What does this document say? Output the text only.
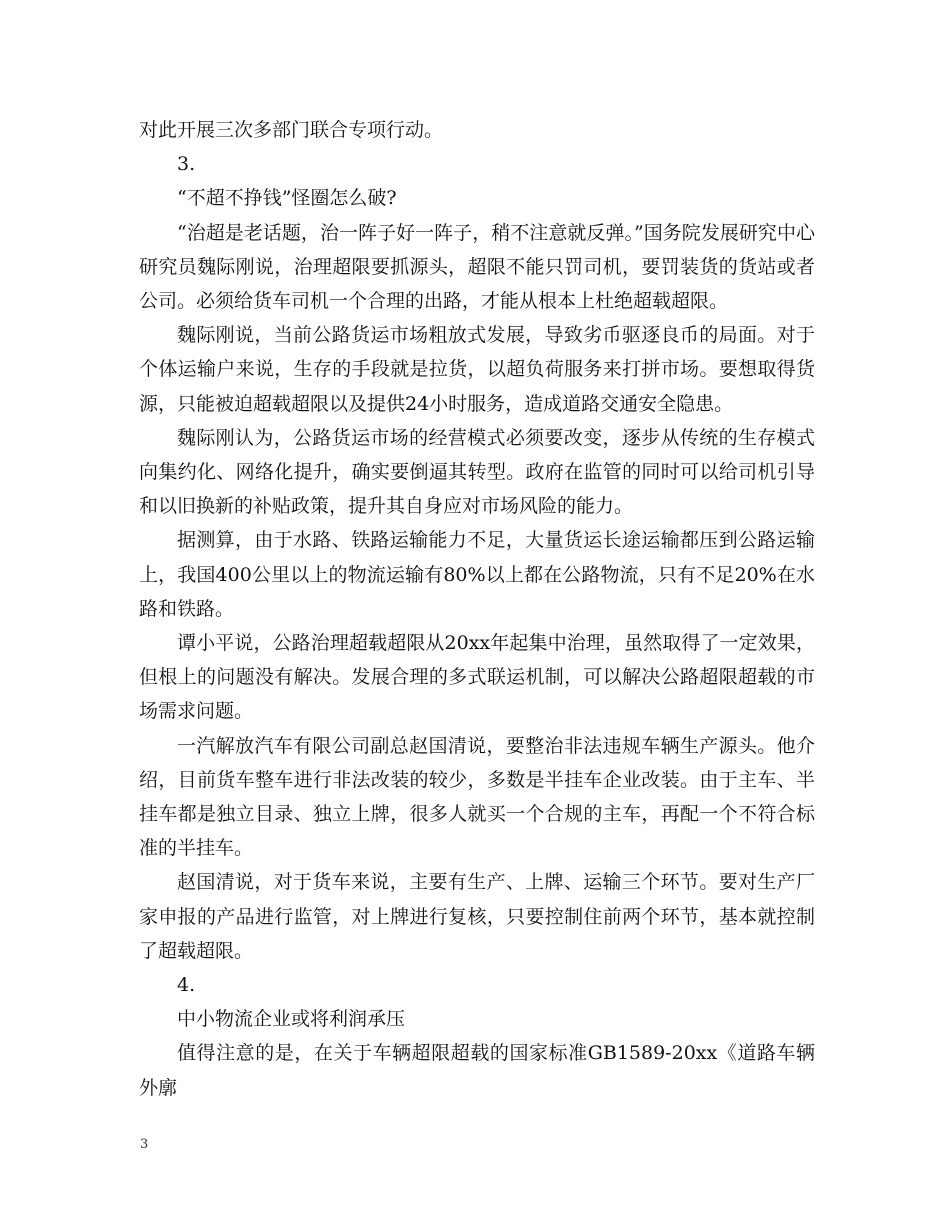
对此开展三次多部门联合专项行动。

3.

“不超不挣钱”怪圈怎么破?

“治超是老话题，治一阵子好一阵子，稍不注意就反弹。”国务院发展研究中心研究员魏际刚说，治理超限要抓源头，超限不能只罚司机，要罚装货的货站或者公司。必须给货车司机一个合理的出路，才能从根本上杜绝超载超限。

魏际刚说，当前公路货运市场粗放式发展，导致劣币驱逐良币的局面。对于个体运输户来说，生存的手段就是拉货，以超负荷服务来打拼市场。要想取得货源，只能被迫超载超限以及提供24小时服务，造成道路交通安全隐患。

魏际刚认为，公路货运市场的经营模式必须要改变，逐步从传统的生存模式向集约化、网络化提升，确实要倒逼其转型。政府在监管的同时可以给司机引导和以旧换新的补贴政策，提升其自身应对市场风险的能力。

据测算，由于水路、铁路运输能力不足，大量货运长途运输都压到公路运输上，我国400公里以上的物流运输有80%以上都在公路物流，只有不足20%在水路和铁路。

谭小平说，公路治理超载超限从20xx年起集中治理，虽然取得了一定效果，但根上的问题没有解决。发展合理的多式联运机制，可以解决公路超限超载的市场需求问题。

一汽解放汽车有限公司副总赵国清说，要整治非法违规车辆生产源头。他介绍，目前货车整车进行非法改装的较少，多数是半挂车企业改装。由于主车、半挂车都是独立目录、独立上牌，很多人就买一个合规的主车，再配一个不符合标准的半挂车。

赵国清说，对于货车来说，主要有生产、上牌、运输三个环节。要对生产厂家申报的产品进行监管，对上牌进行复核，只要控制住前两个环节，基本就控制了超载超限。

4.

中小物流企业或将利润承压

值得注意的是，在关于车辆超限超载的国家标准GB1589-20xx《道路车辆外廓

3
